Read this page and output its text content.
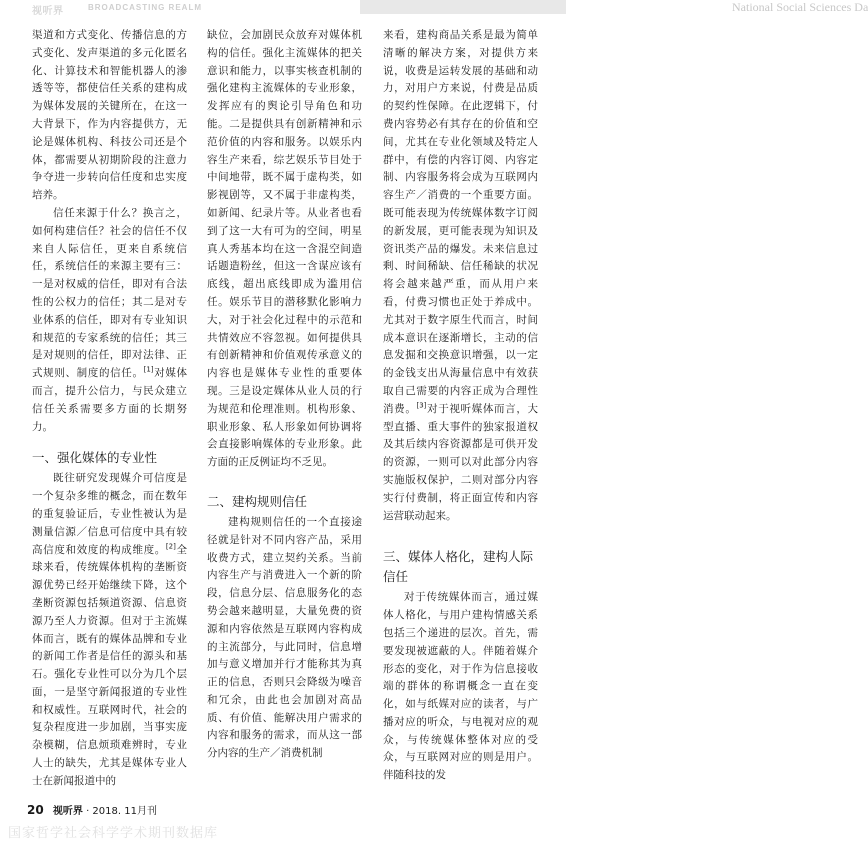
视听界	BROADCASTING REALM	National Social Sciences Da

渠道和方式变化、传播信息的方式变化、发声渠道的多元化匿名化、计算技术和智能机器人的渗透等等，都使信任关系的建构成为媒体发展的关键所在，在这一大背景下，作为内容提供方，无论是媒体机构、科技公司还是个体，都需要从初期阶段的注意力争夺进一步转向信任度和忠实度培养。

信任来源于什么？换言之，如何构建信任？社会的信任不仅来自人际信任，更来自系统信任，系统信任的来源主要有三：一是对权威的信任，即对有合法性的公权力的信任；其二是对专业体系的信任，即对有专业知识和规范的专家系统的信任；其三是对规则的信任，即对法律、正式规则、制度的信任。[1]对媒体而言，提升公信力，与民众建立信任关系需要多方面的长期努力。

一、强化媒体的专业性

既往研究发现媒介可信度是一个复杂多维的概念，而在数年的重复验证后，专业性被认为是测量信源／信息可信度中具有较高信度和效度的构成维度。[2]全球来看，传统媒体机构的垄断资源优势已经开始继续下降，这个垄断资源包括频道资源、信息资源乃至人力资源。但对于主流媒体而言，既有的媒体品牌和专业的新闻工作者是信任的源头和基石。强化专业性可以分为几个层面，一是坚守新闻报道的专业性和权威性。互联网时代，社会的复杂程度进一步加剧，当事实庞杂模糊，信息烦琐难辨时，专业人士的缺失，尤其是媒体专业人士在新闻报道中的

缺位，会加剧民众放弃对媒体机构的信任。强化主流媒体的把关意识和能力，以事实核查机制的强化建构主流媒体的专业形象，发挥应有的舆论引导角色和功能。二是提供具有创新精神和示范价值的内容和服务。以娱乐内容生产来看，综艺娱乐节目处于中间地带，既不属于虚构类，如影视剧等，又不属于非虚构类，如新闻、纪录片等。从业者也看到了这一大有可为的空间，明星真人秀基本均在这一含混空间造话题造粉丝，但这一含谋应该有底线，超出底线即成为滥用信任。娱乐节目的潜移默化影响力大，对于社会化过程中的示范和共情效应不容忽视。如何提供具有创新精神和价值观传承意义的内容也是媒体专业性的重要体现。三是设定媒体从业人员的行为规范和伦理准则。机构形象、职业形象、私人形象如何协调将会直接影响媒体的专业形象。此方面的正反例证均不乏见。

二、建构规则信任

建构规则信任的一个直接途径就是针对不同内容产品，采用收费方式，建立契约关系。当前内容生产与消费进入一个新的阶段，信息分层、信息服务化的态势会越来越明显，大量免费的资源和内容依然是互联网内容构成的主流部分，与此同时，信息增加与意义增加并行才能称其为真正的信息，否则只会降级为噪音和冗余，由此也会加剧对高品质、有价值、能解决用户需求的内容和服务的需求，而从这一部分内容的生产／消费机制

来看，建构商品关系是最为简单清晰的解决方案，对提供方来说，收费是运转发展的基础和动力，对用户方来说，付费是品质的契约性保障。在此逻辑下，付费内容势必有其存在的价值和空间，尤其在专业化领域及特定人群中，有偿的内容订阅、内容定制、内容服务将会成为互联网内容生产／消费的一个重要方面。既可能表现为传统媒体数字订阅的新发展，更可能表现为知识及资讯类产品的爆发。未来信息过剩、时间稀缺、信任稀缺的状况将会越来越严重，而从用户来看，付费习惯也正处于养成中。尤其对于数字原生代而言，时间成本意识在逐渐增长，主动的信息发掘和交换意识增强，以一定的金钱支出从海量信息中有效获取自己需要的内容正成为合理性消费。[3]对于视听媒体而言，大型直播、重大事件的独家报道权及其后续内容资源都是可供开发的资源，一则可以对此部分内容实施版权保护，二则对部分内容实行付费制，将正面宣传和内容运营联动起来。

三、媒体人格化，建构人际信任

对于传统媒体而言，通过媒体人格化，与用户建构情感关系包括三个递进的层次。首先，需要发现被遮蔽的人。伴随着媒介形态的变化，对于作为信息接收端的群体的称谓概念一直在变化，如与纸媒对应的读者，与广播对应的听众，与电视对应的观众，与传统媒体整体对应的受众，与互联网对应的则是用户。伴随科技的发

20 视听界 · 2018. 11月刊
国家哲学社会科学学术期刊数据库
